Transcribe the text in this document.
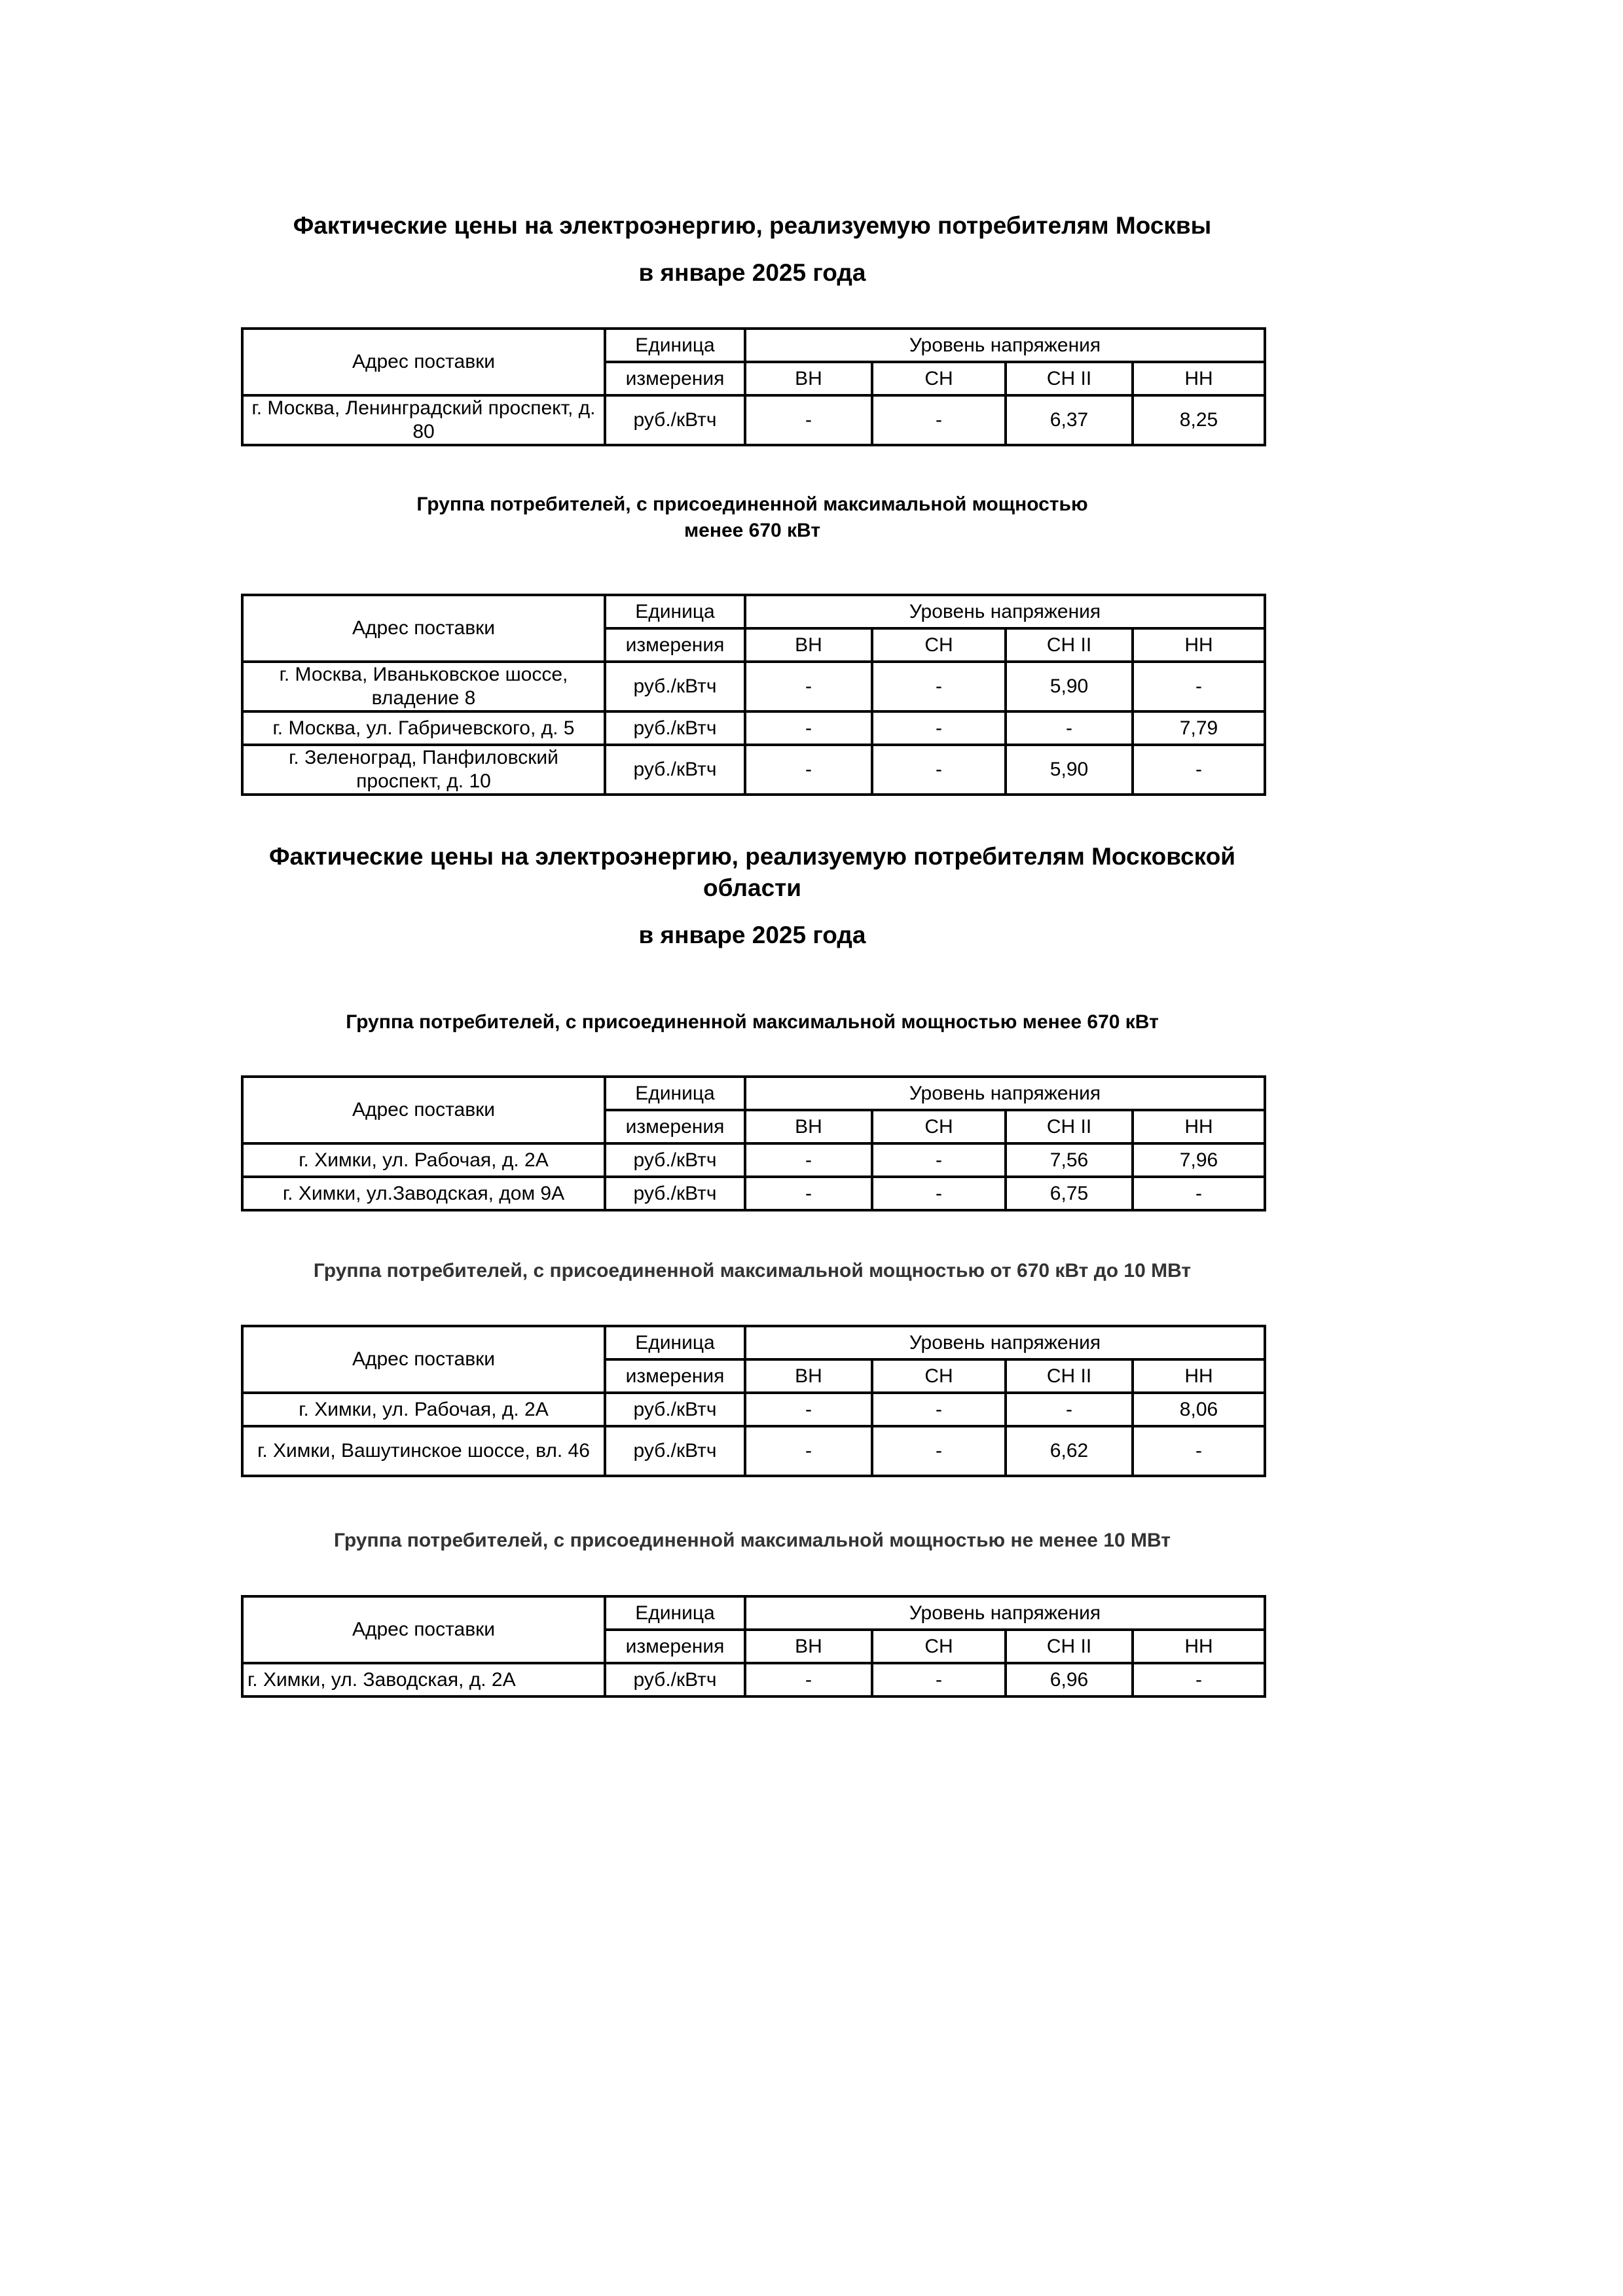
Фактические цены на электроэнергию, реализуемую потребителям Москвы

в январе 2025 года

Адрес поставки	Единица	Уровень напряжения			
	измерения	ВН	СН	СН II	НН
г. Москва, Ленинградский проспект, д. 80	руб./кВтч	-	-	6,37	8,25

Группа потребителей, с присоединенной максимальной мощностью

менее 670 кВт

Адрес поставки	Единица	Уровень напряжения			
	измерения	ВН	СН	СН II	НН
г. Москва, Иваньковское шоссе, владение 8	руб./кВтч	-	-	5,90	-
г. Москва, ул. Габричевского, д. 5	руб./кВтч	-	-	-	7,79
г. Зеленоград, Панфиловский проспект, д. 10	руб./кВтч	-	-	5,90	-

Фактические цены на электроэнергию, реализуемую потребителям Московской

области

в январе 2025 года

Группа потребителей, с присоединенной максимальной мощностью менее 670 кВт

Адрес поставки	Единица	Уровень напряжения			
	измерения	ВН	СН	СН II	НН
г. Химки, ул. Рабочая, д. 2А	руб./кВтч	-	-	7,56	7,96
г. Химки, ул.Заводская, дом 9А	руб./кВтч	-	-	6,75	-

Группа потребителей, с присоединенной максимальной мощностью от 670 кВт до 10 МВт

Адрес поставки	Единица	Уровень напряжения			
	измерения	ВН	СН	СН II	НН
г. Химки, ул. Рабочая, д. 2А	руб./кВтч	-	-	-	8,06
г. Химки, Вашутинское шоссе, вл. 46	руб./кВтч	-	-	6,62	-

Группа потребителей, с присоединенной максимальной мощностью не менее 10 МВт

Адрес поставки	Единица	Уровень напряжения			
	измерения	ВН	СН	СН II	НН
г. Химки, ул. Заводская, д. 2А	руб./кВтч	-	-	6,96	-
